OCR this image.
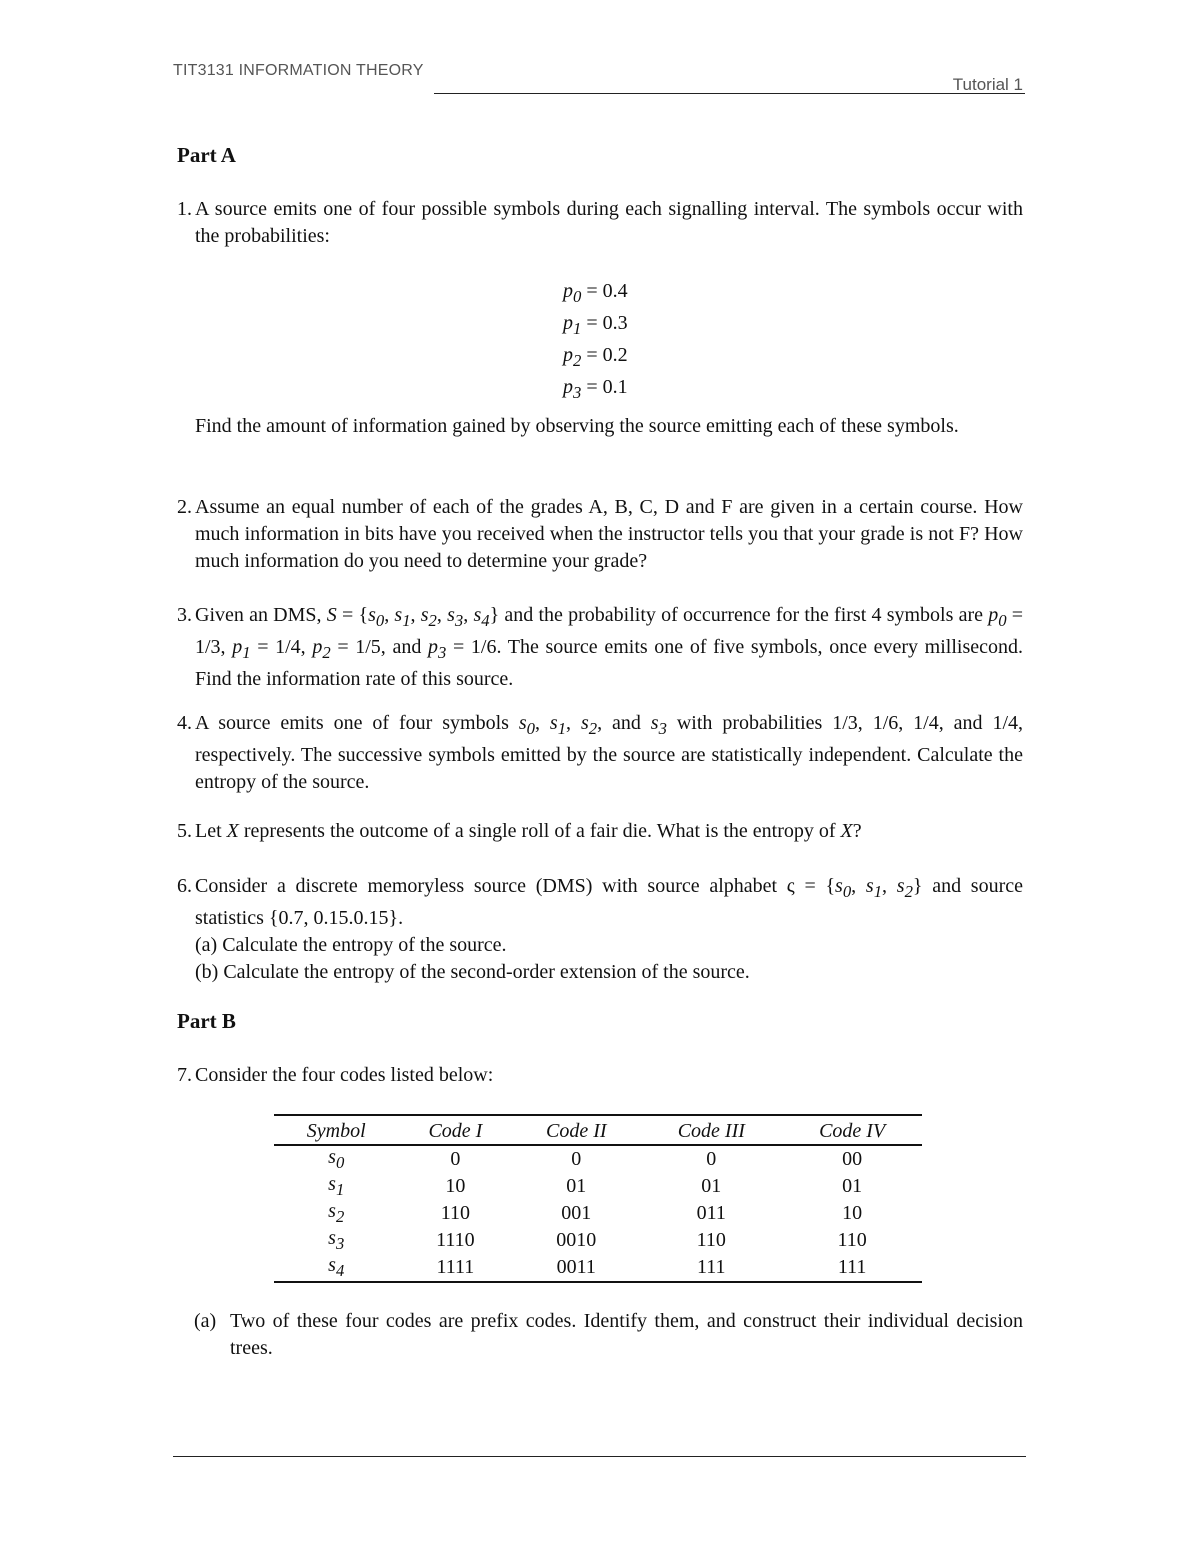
TIT3131 INFORMATION THEORY
Tutorial 1
Part A
1. A source emits one of four possible symbols during each signalling interval. The symbols occur with the probabilities:

$p_0 = 0.4$
$p_1 = 0.3$
$p_2 = 0.2$
$p_3 = 0.1$

Find the amount of information gained by observing the source emitting each of these symbols.

2. Assume an equal number of each of the grades A, B, C, D and F are given in a certain course. How much information in bits have you received when the instructor tells you that your grade is not F? How much information do you need to determine your grade?

3. Given an DMS, $S = \{s_0$, $s_1$, $s_2$, $s_3$, $s_4$} and the probability of occurrence for the first 4 symbols are $p_0 = 1/3$, $p_1 = 1/4$, $p_2 = 1/5$, and $p_3 = 1/6$. The source emits one of five symbols, once every millisecond. Find the information rate of this source.

4. A source emits one of four symbols $s_0$, $s_1$, $s_2$, and $s_3$ with probabilities 1/3, 1/6, 1/4, and 1/4, respectively. The successive symbols emitted by the source are statistically independent. Calculate the entropy of the source.

5. Let X represents the outcome of a single roll of a fair die. What is the entropy of X?

6. Consider a discrete memoryless source (DMS) with source alphabet $\varsigma = \{s_0$, $s_1$, $s_2$} and source statistics {0.7, 0.15.0.15}.

(a) Calculate the entropy of the source.

(b) Calculate the entropy of the second-order extension of the source.

Part B
7. Consider the four codes listed below:

Symbol	Code I	Code II	Code III	Code IV
$s_0$	0	0	0	00
$s_1$	10	01	01	01
$s_2$	110	001	011	10
$s_3$	1110	0010	110	110
$s_4$	1111	0011	111	111
(a) Two of these four codes are prefix codes. Identify them, and construct their individual decision trees.
